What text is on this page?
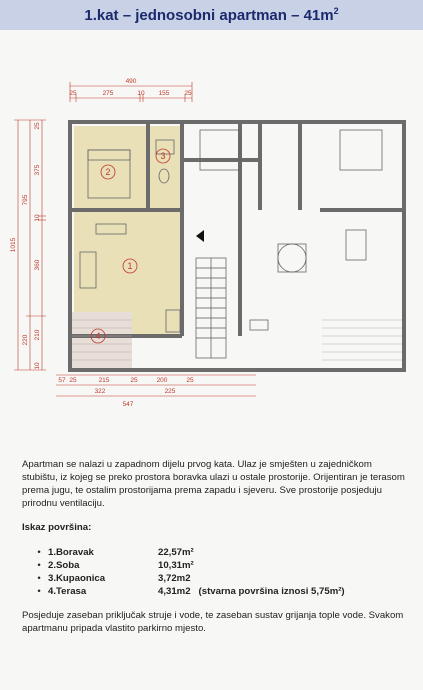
1.kat – jednosobni apartman – $41m^2$
490
25	275	10 155 25
57 25	215	25	200	25
322	225
547
1015
795
25
375
10
360
220 210
10
3
2
1
4

Apartman se nalazi u zapadnom dijelu prvog kata. Ulaz je smješten u zajedničkom stubištu, iz kojeg se preko prostora boravka ulazi u ostale prostorije. Orijentiran je terasom prema jugu, te ostalim prostorijama prema zapadu i sjeveru. Sve prostorije posjeduju prirodnu ventilaciju.

Iskaz površina:

• 1.Boravak	22,57m²
• 2.Soba	10,31m²
• 3.Kupaonica	3,72m2
• 4.Terasa	4,31m2 (stvarna površina iznosi 5,75m²)

Posjeduje zaseban priključak struje i vode, te zaseban sustav grijanja tople vode. Svakom apartmanu pripada vlastito parkirno mjesto.
